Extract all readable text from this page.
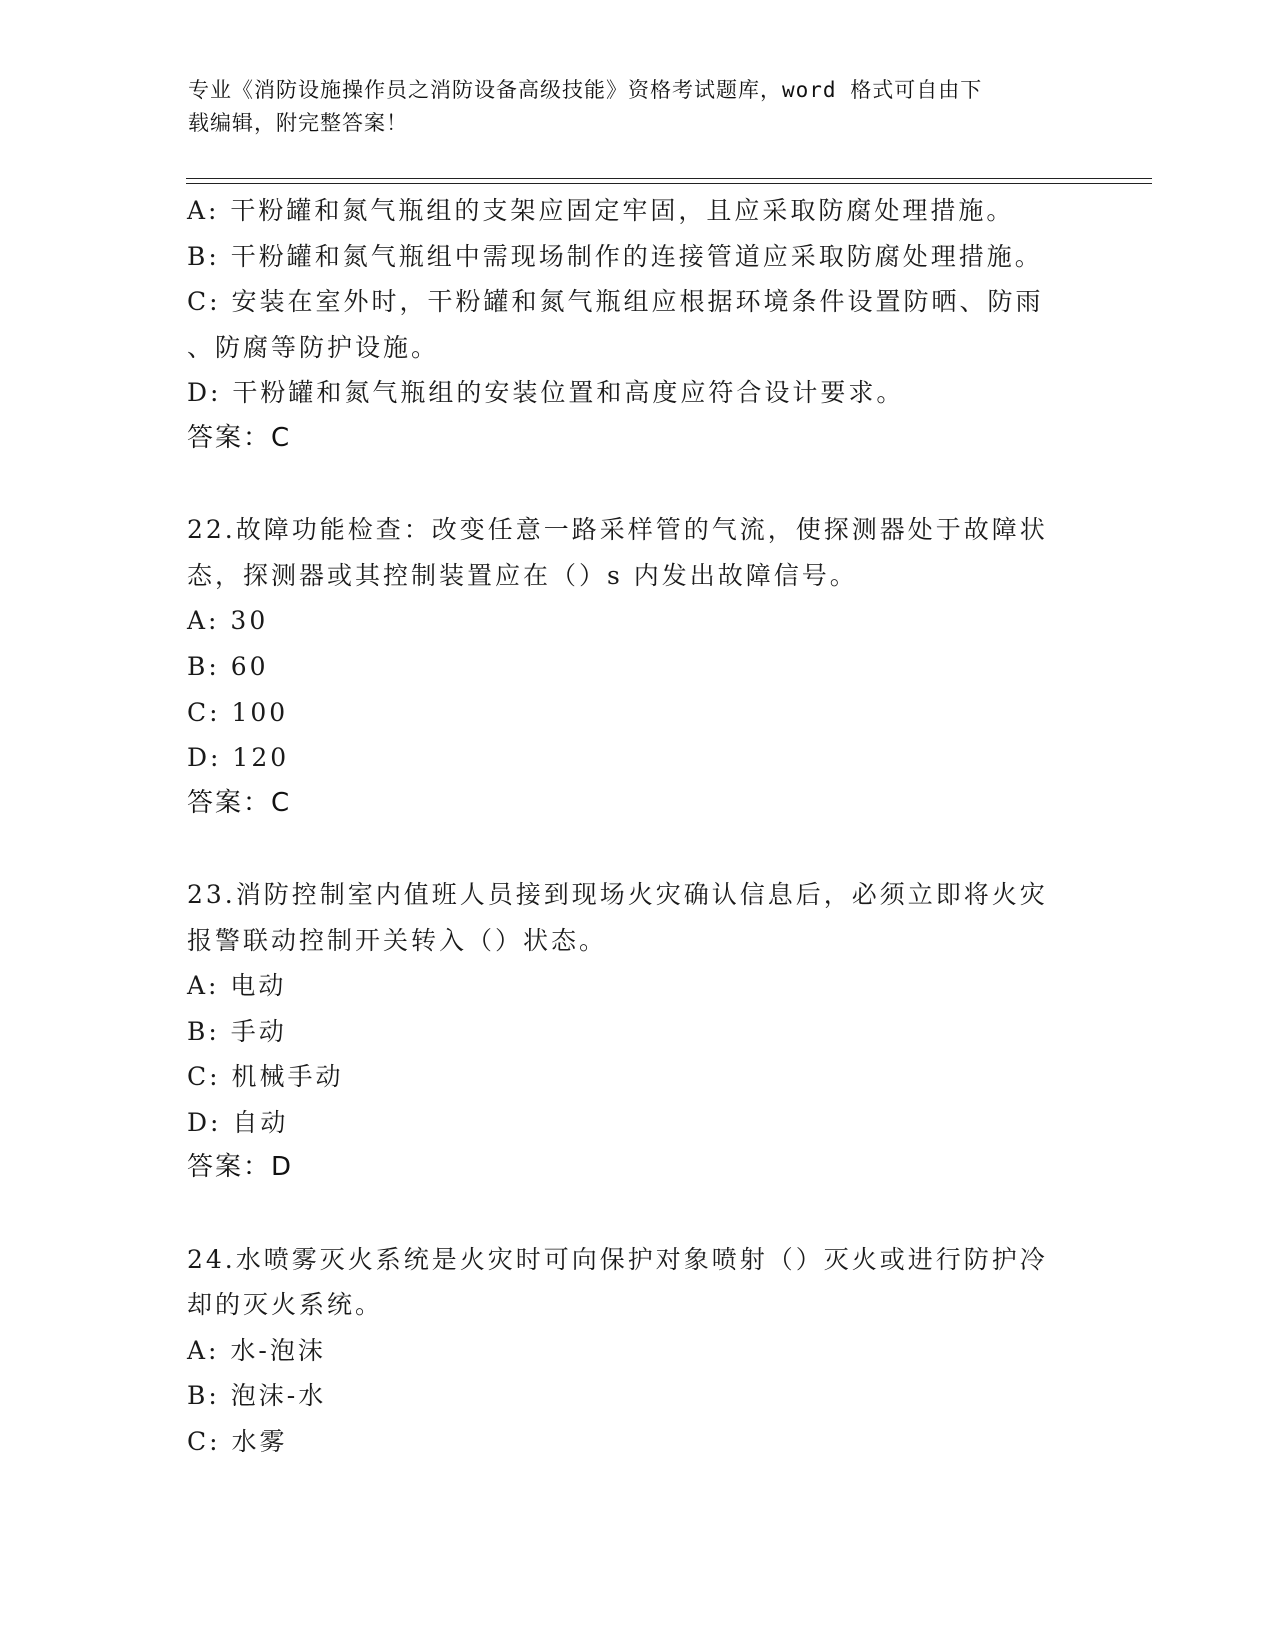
专业《消防设施操作员之消防设备高级技能》资格考试题库，word 格式可自由下
载编辑，附完整答案！
A: 干粉罐和氮气瓶组的支架应固定牢固，且应采取防腐处理措施。
B: 干粉罐和氮气瓶组中需现场制作的连接管道应采取防腐处理措施。
C: 安装在室外时，干粉罐和氮气瓶组应根据环境条件设置防晒、防雨
、防腐等防护设施。
D: 干粉罐和氮气瓶组的安装位置和高度应符合设计要求。
答案：C
22.故障功能检查：改变任意一路采样管的气流，使探测器处于故障状
态，探测器或其控制装置应在（）s 内发出故障信号。
A: 30
B: 60
C: 100
D: 120
答案：C
23.消防控制室内值班人员接到现场火灾确认信息后，必须立即将火灾
报警联动控制开关转入（）状态。
A: 电动
B: 手动
C: 机械手动
D: 自动
答案：D
24.水喷雾灭火系统是火灾时可向保护对象喷射（）灭火或进行防护冷
却的灭火系统。
A: 水-泡沫
B: 泡沫-水
C: 水雾
